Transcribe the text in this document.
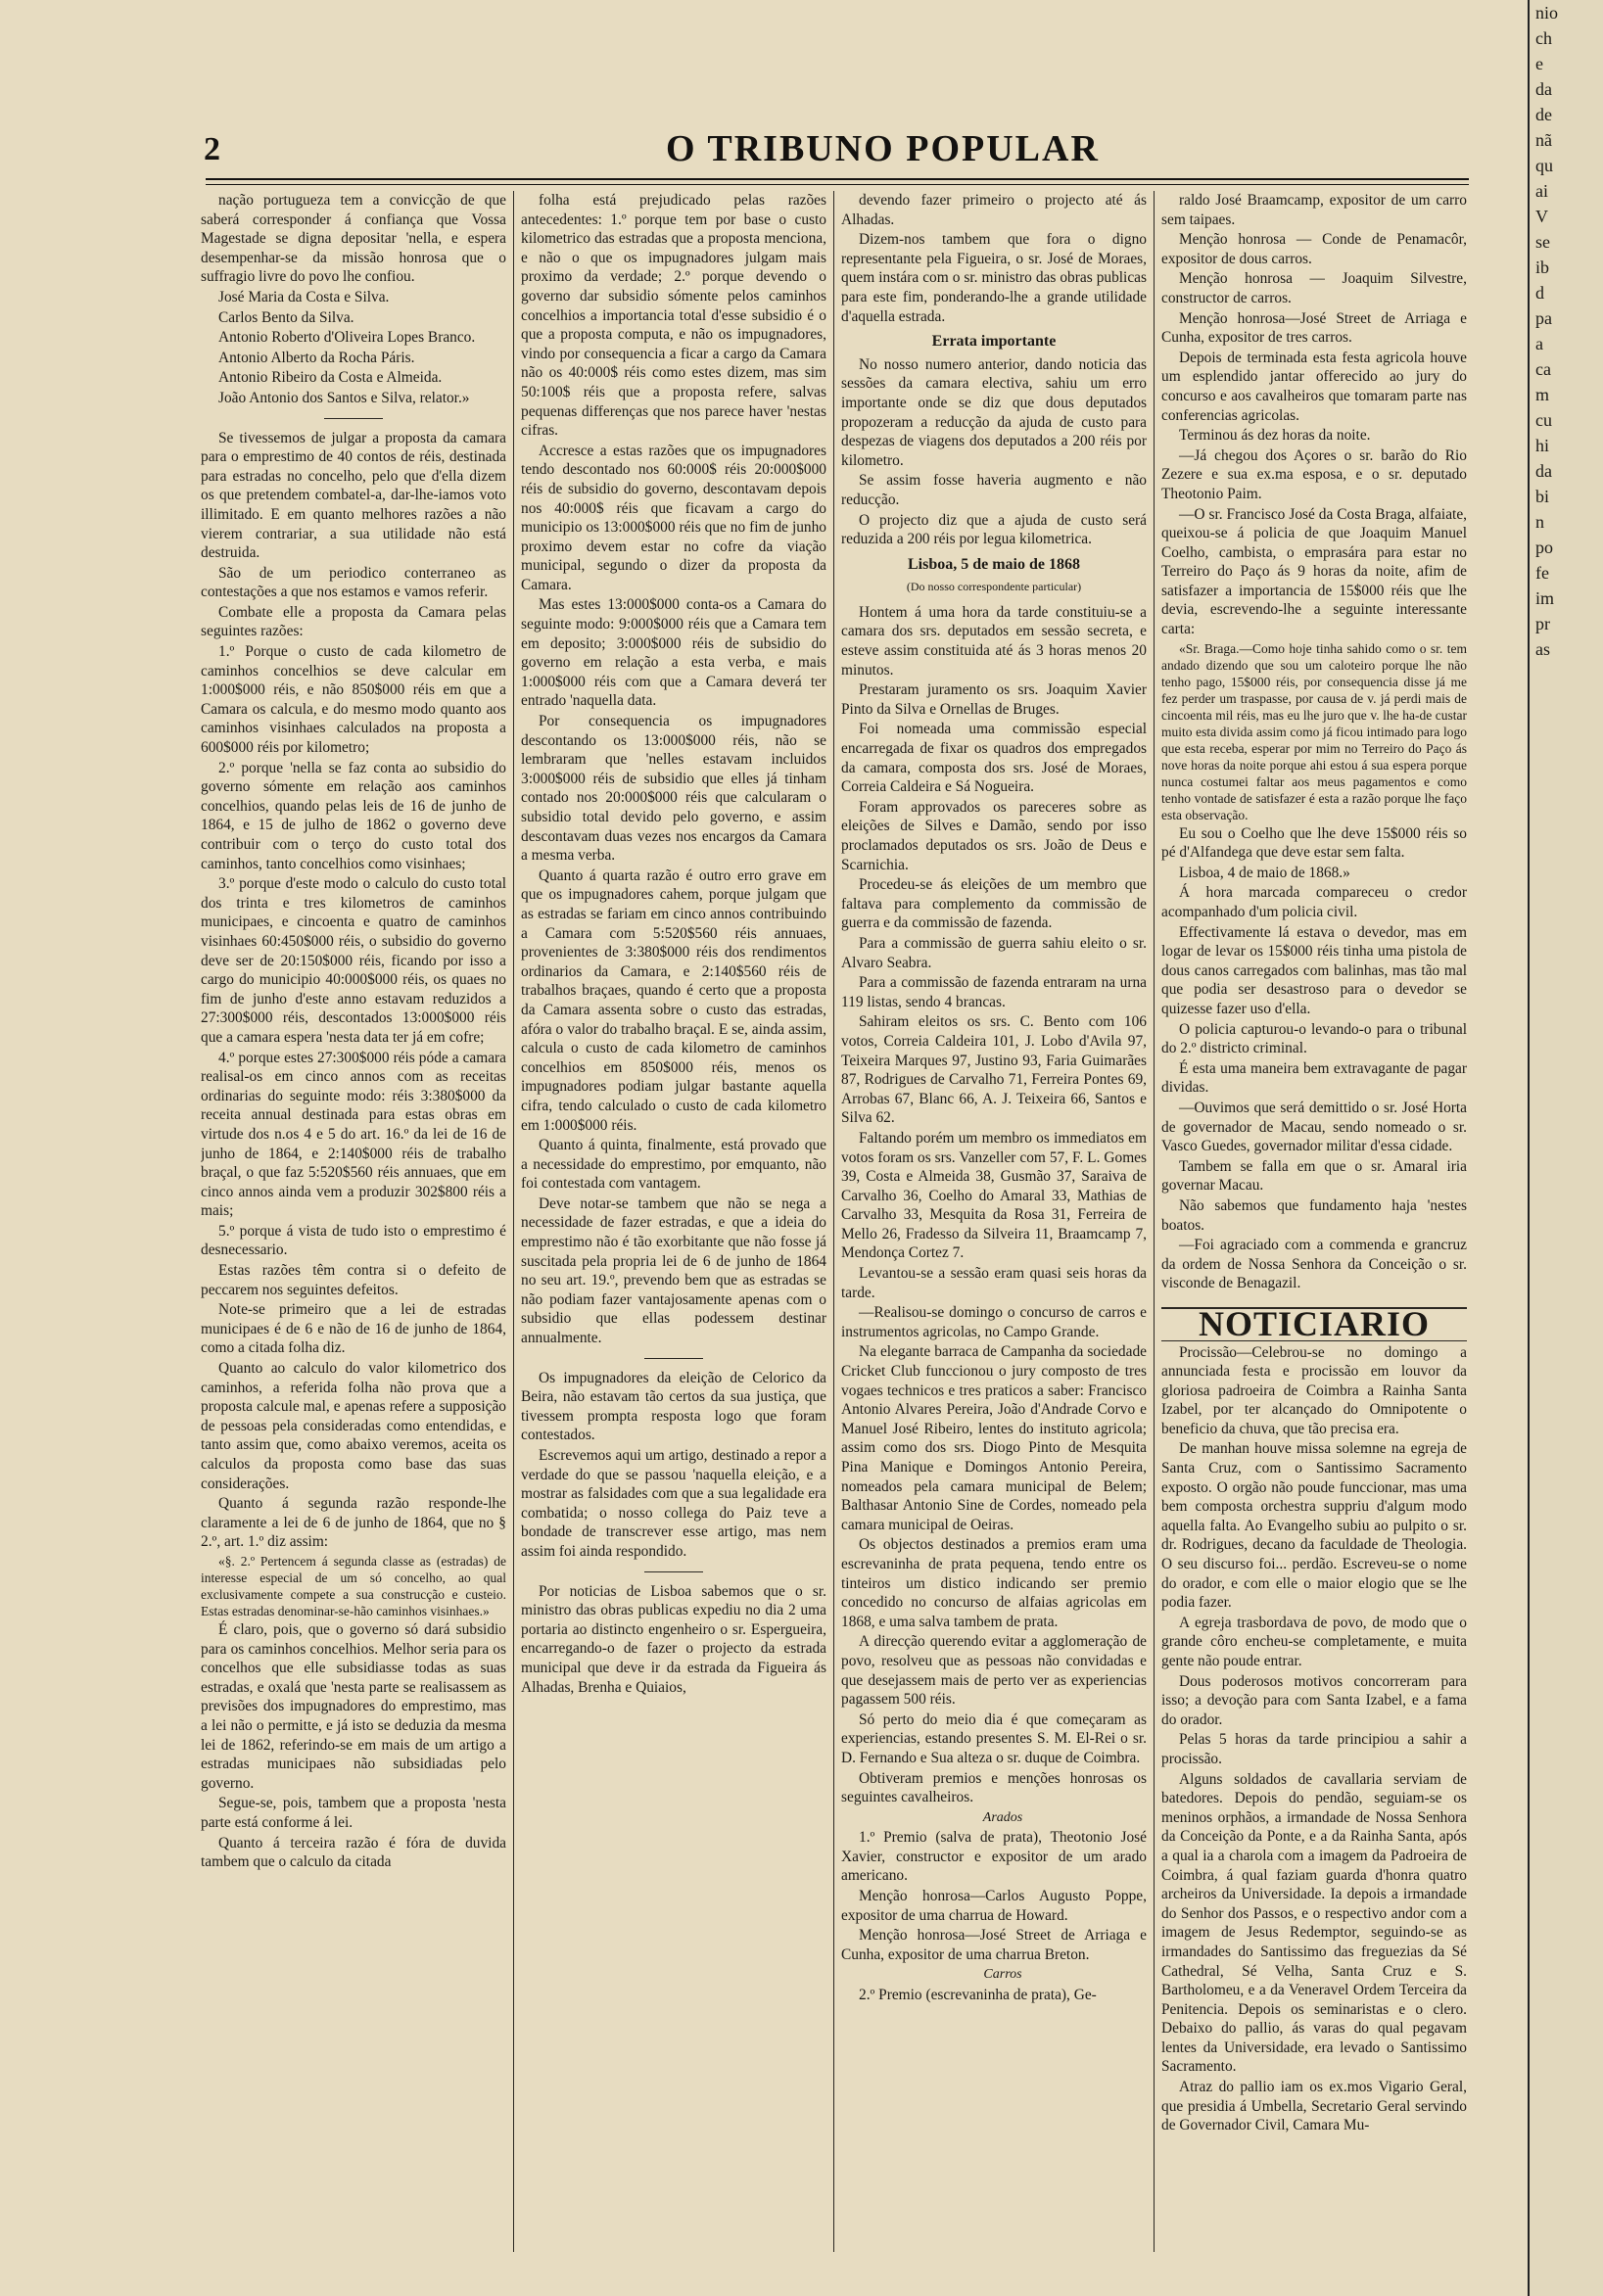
2	O TRIBUNO POPULAR

nação portugueza tem a convicção de que saberá corresponder á confiança que Vossa Magestade se digna depositar 'nella, e espera desempenhar-se da missão honrosa que o suffragio livre do povo lhe confiou.

José Maria da Costa e Silva.

Carlos Bento da Silva.

Antonio Roberto d'Oliveira Lopes Branco.

Antonio Alberto da Rocha Páris.

Antonio Ribeiro da Costa e Almeida.

João Antonio dos Santos e Silva, relator.»

Se tivessemos de julgar a proposta da camara para o emprestimo de 40 contos de réis, destinada para estradas no concelho, pelo que d'ella dizem os que pretendem combatel-a, dar-lhe-iamos voto illimitado. E em quanto melhores razões a não vierem contrariar, a sua utilidade não está destruida.

São de um periodico conterraneo as contestações a que nos estamos e vamos referir.

Combate elle a proposta da Camara pelas seguintes razões:

1.º Porque o custo de cada kilometro de caminhos concelhios se deve calcular em 1:000$000 réis, e não 850$000 réis em que a Camara os calcula, e do mesmo modo quanto aos caminhos visinhaes calculados na proposta a 600$000 réis por kilometro;

2.º porque 'nella se faz conta ao subsidio do governo sómente em relação aos caminhos concelhios, quando pelas leis de 16 de junho de 1864, e 15 de julho de 1862 o governo deve contribuir com o terço do custo total dos caminhos, tanto concelhios como visinhaes;

3.º porque d'este modo o calculo do custo total dos trinta e tres kilometros de caminhos municipaes, e cincoenta e quatro de caminhos visinhaes 60:450$000 réis, o subsidio do governo deve ser de 20:150$000 réis, ficando por isso a cargo do municipio 40:000$000 réis, os quaes no fim de junho d'este anno estavam reduzidos a 27:300$000 réis, descontados 13:000$000 réis que a camara espera 'nesta data ter já em cofre;

4.º porque estes 27:300$000 réis póde a camara realisal-os em cinco annos com as receitas ordinarias do seguinte modo: réis 3:380$000 da receita annual destinada para estas obras em virtude dos n.os 4 e 5 do art. 16.º da lei de 16 de junho de 1864, e 2:140$000 réis de trabalho braçal, o que faz 5:520$560 réis annuaes, que em cinco annos ainda vem a produzir 302$800 réis a mais;

5.º porque á vista de tudo isto o emprestimo é desnecessario.

Estas razões têm contra si o defeito de peccarem nos seguintes defeitos.

Note-se primeiro que a lei de estradas municipaes é de 6 e não de 16 de junho de 1864, como a citada folha diz.

Quanto ao calculo do valor kilometrico dos caminhos, a referida folha não prova que a proposta calcule mal, e apenas refere a supposição de pessoas pela consideradas como entendidas, e tanto assim que, como abaixo veremos, aceita os calculos da proposta como base das suas considerações.

Quanto á segunda razão responde-lhe claramente a lei de 6 de junho de 1864, que no § 2.º, art. 1.º diz assim:

«§. 2.º Pertencem á segunda classe as (estradas) de interesse especial de um só concelho, ao qual exclusivamente compete a sua construcção e custeio. Estas estradas denominar-se-hão caminhos visinhaes.»

É claro, pois, que o governo só dará subsidio para os caminhos concelhios. Melhor seria para os concelhos que elle subsidiasse todas as suas estradas, e oxalá que 'nesta parte se realisassem as previsões dos impugnadores do emprestimo, mas a lei não o permitte, e já isto se deduzia da mesma lei de 1862, referindo-se em mais de um artigo a estradas municipaes não subsidiadas pelo governo.

Segue-se, pois, tambem que a proposta 'nesta parte está conforme á lei.

Quanto á terceira razão é fóra de duvida tambem que o calculo da citada

folha está prejudicado pelas razões antecedentes: 1.º porque tem por base o custo kilometrico das estradas que a proposta menciona, e não o que os impugnadores julgam mais proximo da verdade; 2.º porque devendo o governo dar subsidio sómente pelos caminhos concelhios a importancia total d'esse subsidio é o que a proposta computa, e não os impugnadores, vindo por consequencia a ficar a cargo da Camara não os 40:000$ réis como estes dizem, mas sim 50:100$ réis que a proposta refere, salvas pequenas differenças que nos parece haver 'nestas cifras.

Accresce a estas razões que os impugnadores tendo descontado nos 60:000$ réis 20:000$000 réis de subsidio do governo, descontavam depois nos 40:000$ réis que ficavam a cargo do municipio os 13:000$000 réis que no fim de junho proximo devem estar no cofre da viação municipal, segundo o dizer da proposta da Camara.

Mas estes 13:000$000 conta-os a Camara do seguinte modo: 9:000$000 réis que a Camara tem em deposito; 3:000$000 réis de subsidio do governo em relação a esta verba, e mais 1:000$000 réis com que a Camara deverá ter entrado 'naquella data.

Por consequencia os impugnadores descontando os 13:000$000 réis, não se lembraram que 'nelles estavam incluidos 3:000$000 réis de subsidio que elles já tinham contado nos 20:000$000 réis que calcularam o subsidio total devido pelo governo, e assim descontavam duas vezes nos encargos da Camara a mesma verba.

Quanto á quarta razão é outro erro grave em que os impugnadores cahem, porque julgam que as estradas se fariam em cinco annos contribuindo a Camara com 5:520$560 réis annuaes, provenientes de 3:380$000 réis dos rendimentos ordinarios da Camara, e 2:140$560 réis de trabalhos braçaes, quando é certo que a proposta da Camara assenta sobre o custo das estradas, afóra o valor do trabalho braçal. E se, ainda assim, calcula o custo de cada kilometro de caminhos concelhios em 850$000 réis, menos os impugnadores podiam julgar bastante aquella cifra, tendo calculado o custo de cada kilometro em 1:000$000 réis.

Quanto á quinta, finalmente, está provado que a necessidade do emprestimo, por emquanto, não foi contestada com vantagem.

Deve notar-se tambem que não se nega a necessidade de fazer estradas, e que a ideia do emprestimo não é tão exorbitante que não fosse já suscitada pela propria lei de 6 de junho de 1864 no seu art. 19.º, prevendo bem que as estradas se não podiam fazer vantajosamente apenas com o subsidio que ellas podessem destinar annualmente.

Os impugnadores da eleição de Celorico da Beira, não estavam tão certos da sua justiça, que tivessem prompta resposta logo que foram contestados.

Escrevemos aqui um artigo, destinado a repor a verdade do que se passou 'naquella eleição, e a mostrar as falsidades com que a sua legalidade era combatida; o nosso collega do Paiz teve a bondade de transcrever esse artigo, mas nem assim foi ainda respondido.

Por noticias de Lisboa sabemos que o sr. ministro das obras publicas expediu no dia 2 uma portaria ao distincto engenheiro o sr. Espergueira, encarregando-o de fazer o projecto da estrada municipal que deve ir da estrada da Figueira ás Alhadas, Brenha e Quiaios,

devendo fazer primeiro o projecto até ás Alhadas.

Dizem-nos tambem que fora o digno representante pela Figueira, o sr. José de Moraes, quem instára com o sr. ministro das obras publicas para este fim, ponderando-lhe a grande utilidade d'aquella estrada.

Errata importante

No nosso numero anterior, dando noticia das sessões da camara electiva, sahiu um erro importante onde se diz que dous deputados propozeram a reducção da ajuda de custo para despezas de viagens dos deputados a 200 réis por kilometro.

Se assim fosse haveria augmento e não reducção.

O projecto diz que a ajuda de custo será reduzida a 200 réis por legua kilometrica.

Lisboa, 5 de maio de 1868
(Do nosso correspondente particular)

Hontem á uma hora da tarde constituiu-se a camara dos srs. deputados em sessão secreta, e esteve assim constituida até ás 3 horas menos 20 minutos.

Prestaram juramento os srs. Joaquim Xavier Pinto da Silva e Ornellas de Bruges.

Foi nomeada uma commissão especial encarregada de fixar os quadros dos empregados da camara, composta dos srs. José de Moraes, Correia Caldeira e Sá Nogueira.

Foram approvados os pareceres sobre as eleições de Silves e Damão, sendo por isso proclamados deputados os srs. João de Deus e Scarnichia.

Procedeu-se ás eleições de um membro que faltava para complemento da commissão de guerra e da commissão de fazenda.

Para a commissão de guerra sahiu eleito o sr. Alvaro Seabra.

Para a commissão de fazenda entraram na urna 119 listas, sendo 4 brancas.

Sahiram eleitos os srs. C. Bento com 106 votos, Correia Caldeira 101, J. Lobo d'Avila 97, Teixeira Marques 97, Justino 93, Faria Guimarães 87, Rodrigues de Carvalho 71, Ferreira Pontes 69, Arrobas 67, Blanc 66, A. J. Teixeira 66, Santos e Silva 62.

Faltando porém um membro os immediatos em votos foram os srs. Vanzeller com 57, F. L. Gomes 39, Costa e Almeida 38, Gusmão 37, Saraiva de Carvalho 36, Coelho do Amaral 33, Mathias de Carvalho 33, Mesquita da Rosa 31, Ferreira de Mello 26, Fradesso da Silveira 11, Braamcamp 7, Mendonça Cortez 7.

Levantou-se a sessão eram quasi seis horas da tarde.

—Realisou-se domingo o concurso de carros e instrumentos agricolas, no Campo Grande.

Na elegante barraca de Campanha da sociedade Cricket Club funccionou o jury composto de tres vogaes technicos e tres praticos a saber: Francisco Antonio Alvares Pereira, João d'Andrade Corvo e Manuel José Ribeiro, lentes do instituto agricola; assim como dos srs. Diogo Pinto de Mesquita Pina Manique e Domingos Antonio Pereira, nomeados pela camara municipal de Belem; Balthasar Antonio Sine de Cordes, nomeado pela camara municipal de Oeiras.

Os objectos destinados a premios eram uma escrevaninha de prata pequena, tendo entre os tinteiros um distico indicando ser premio concedido no concurso de alfaias agricolas em 1868, e uma salva tambem de prata.

A direcção querendo evitar a agglomeração de povo, resolveu que as pessoas não convidadas e que desejassem mais de perto ver as experiencias pagassem 500 réis.

Só perto do meio dia é que começaram as experiencias, estando presentes S. M. El-Rei o sr. D. Fernando e Sua alteza o sr. duque de Coimbra.

Obtiveram premios e menções honrosas os seguintes cavalheiros.

Arados

1.º Premio (salva de prata), Theotonio José Xavier, constructor e expositor de um arado americano.

Menção honrosa—Carlos Augusto Poppe, expositor de uma charrua de Howard.

Menção honrosa—José Street de Arriaga e Cunha, expositor de uma charrua Breton.

Carros

2.º Premio (escrevaninha de prata), Ge-

raldo José Braamcamp, expositor de um carro sem taipaes.

Menção honrosa — Conde de Penamacôr, expositor de dous carros.

Menção honrosa — Joaquim Silvestre, constructor de carros.

Menção honrosa—José Street de Arriaga e Cunha, expositor de tres carros.

Depois de terminada esta festa agricola houve um esplendido jantar offerecido ao jury do concurso e aos cavalheiros que tomaram parte nas conferencias agricolas.

Terminou ás dez horas da noite.

—Já chegou dos Açores o sr. barão do Rio Zezere e sua ex.ma esposa, e o sr. deputado Theotonio Paim.

—O sr. Francisco José da Costa Braga, alfaiate, queixou-se á policia de que Joaquim Manuel Coelho, cambista, o emprasára para estar no Terreiro do Paço ás 9 horas da noite, afim de satisfazer a importancia de 15$000 réis que lhe devia, escrevendo-lhe a seguinte interessante carta:

«Sr. Braga.—Como hoje tinha sahido como o sr. tem andado dizendo que sou um caloteiro porque lhe não tenho pago, 15$000 réis, por consequencia disse já me fez perder um traspasse, por causa de v. já perdi mais de cincoenta mil réis, mas eu lhe juro que v. lhe ha-de custar muito esta divida assim como já ficou intimado para logo que esta receba, esperar por mim no Terreiro do Paço ás nove horas da noite porque ahi estou á sua espera porque nunca costumei faltar aos meus pagamentos e como tenho vontade de satisfazer é esta a razão porque lhe faço esta observação.

Eu sou o Coelho que lhe deve 15$000 réis so pé d'Alfandega que deve estar sem falta.

Lisboa, 4 de maio de 1868.»

Á hora marcada compareceu o credor acompanhado d'um policia civil.

Effectivamente lá estava o devedor, mas em logar de levar os 15$000 réis tinha uma pistola de dous canos carregados com balinhas, mas tão mal que podia ser desastroso para o devedor se quizesse fazer uso d'ella.

O policia capturou-o levando-o para o tribunal do 2.º districto criminal.

É esta uma maneira bem extravagante de pagar dividas.

—Ouvimos que será demittido o sr. José Horta de governador de Macau, sendo nomeado o sr. Vasco Guedes, governador militar d'essa cidade.

Tambem se falla em que o sr. Amaral iria governar Macau.

Não sabemos que fundamento haja 'nestes boatos.

—Foi agraciado com a commenda e grancruz da ordem de Nossa Senhora da Conceição o sr. visconde de Benagazil.

NOTICIARIO

Procissão—Celebrou-se no domingo a annunciada festa e procissão em louvor da gloriosa padroeira de Coimbra a Rainha Santa Izabel, por ter alcançado do Omnipotente o beneficio da chuva, que tão precisa era.

De manhan houve missa solemne na egreja de Santa Cruz, com o Santissimo Sacramento exposto. O orgão não poude funccionar, mas uma bem composta orchestra suppriu d'algum modo aquella falta. Ao Evangelho subiu ao pulpito o sr. dr. Rodrigues, decano da faculdade de Theologia. O seu discurso foi... perdão. Escreveu-se o nome do orador, e com elle o maior elogio que se lhe podia fazer.

A egreja trasbordava de povo, de modo que o grande côro encheu-se completamente, e muita gente não poude entrar.

Dous poderosos motivos concorreram para isso; a devoção para com Santa Izabel, e a fama do orador.

Pelas 5 horas da tarde principiou a sahir a procissão.

Alguns soldados de cavallaria serviam de batedores. Depois do pendão, seguiam-se os meninos orphãos, a irmandade de Nossa Senhora da Conceição da Ponte, e a da Rainha Santa, após a qual ia a charola com a imagem da Padroeira de Coimbra, á qual faziam guarda d'honra quatro archeiros da Universidade. Ia depois a irmandade do Senhor dos Passos, e o respectivo andor com a imagem de Jesus Redemptor, seguindo-se as irmandades do Santissimo das freguezias da Sé Cathedral, Sé Velha, Santa Cruz e S. Bartholomeu, e a da Veneravel Ordem Terceira da Penitencia. Depois os seminaristas e o clero. Debaixo do pallio, ás varas do qual pegavam lentes da Universidade, era levado o Santissimo Sacramento.

Atraz do pallio iam os ex.mos Vigario Geral, que presidia á Umbella, Secretario Geral servindo de Governador Civil, Camara Mu-

nio
ch
e
da
de
nã
qu
ai
V
se
ib
d
pa
a
ca
m
cu
hi
da
bi
n
po
fe
im
pr
as
